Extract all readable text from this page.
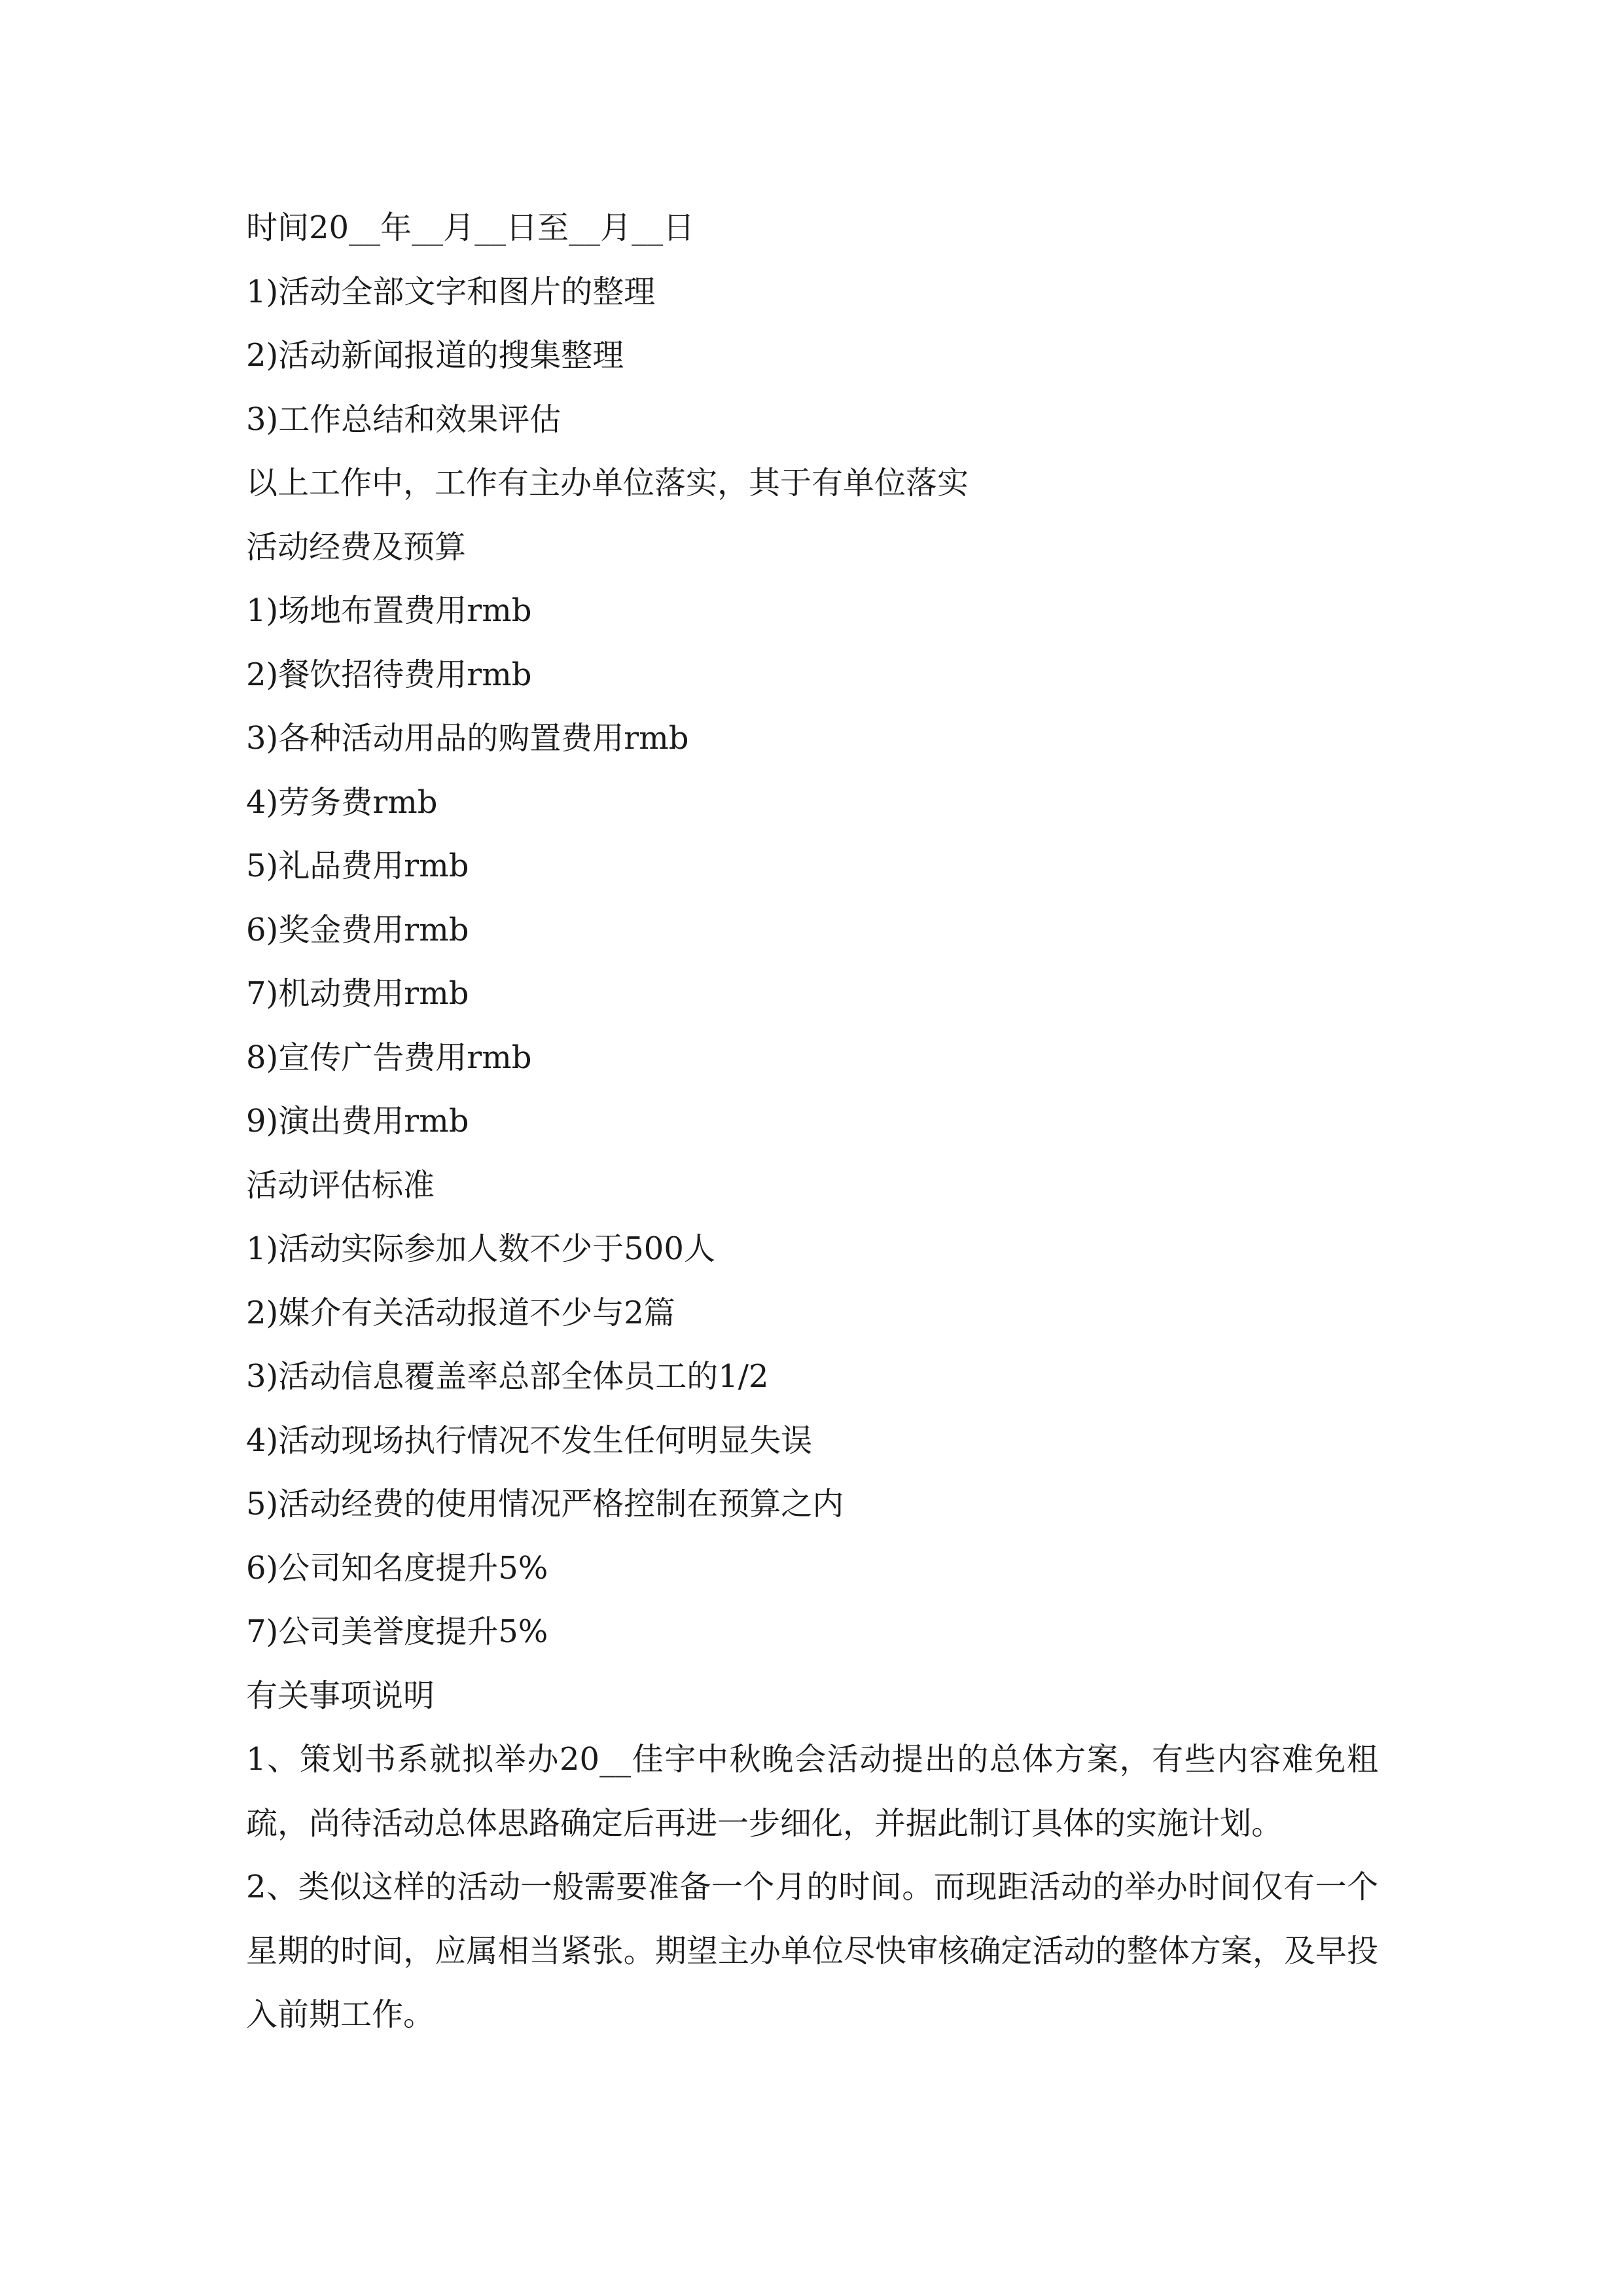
时间20__年__月__日至__月__日
1)活动全部文字和图片的整理
2)活动新闻报道的搜集整理
3)工作总结和效果评估
以上工作中，工作有主办单位落实，其于有单位落实
活动经费及预算
1)场地布置费用rmb
2)餐饮招待费用rmb
3)各种活动用品的购置费用rmb
4)劳务费rmb
5)礼品费用rmb
6)奖金费用rmb
7)机动费用rmb
8)宣传广告费用rmb
9)演出费用rmb
活动评估标准
1)活动实际参加人数不少于500人
2)媒介有关活动报道不少与2篇
3)活动信息覆盖率总部全体员工的1/2
4)活动现场执行情况不发生任何明显失误
5)活动经费的使用情况严格控制在预算之内
6)公司知名度提升5%
7)公司美誉度提升5%
有关事项说明
1、策划书系就拟举办20__佳宇中秋晚会活动提出的总体方案，有些内容难免粗疏，尚待活动总体思路确定后再进一步细化，并据此制订具体的实施计划。
2、类似这样的活动一般需要准备一个月的时间。而现距活动的举办时间仅有一个星期的时间，应属相当紧张。期望主办单位尽快审核确定活动的整体方案，及早投入前期工作。
